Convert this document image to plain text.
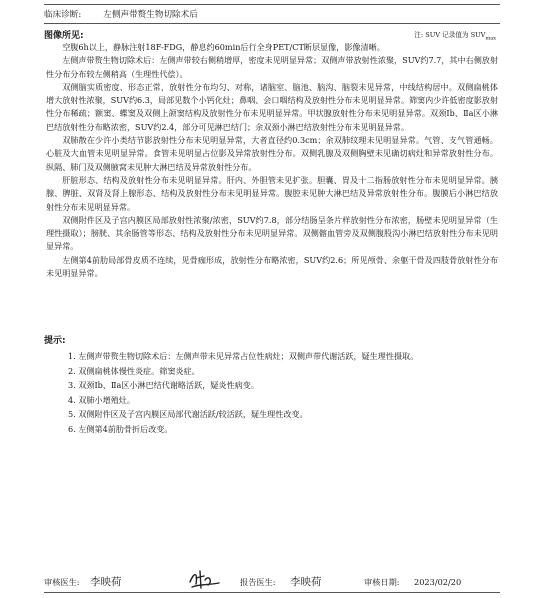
临床诊断:	左侧声带赘生物切除术后
图像所见:	注: SUV 记录值为 $SUV_{max}$

空腹6h以上，静脉注射18F-FDG，静息约60min后行全身PET/CT断层显像，影像清晰。

左侧声带赘生物切除术后：左侧声带较右侧稍增厚，密度未见明显异常；双侧声带放射性浓聚，SUV约7.7，其中右侧放射性分布分布较左侧稍高（生理性代偿）。

双侧脑实质密度、形态正常，放射性分布均匀、对称，诸脑室、脑池、脑沟、脑裂未见异常，中线结构居中。双侧扁桃体增大放射性浓聚，SUV约6.3，局部见数个小钙化灶；鼻咽、会口咽结构及放射性分布未见明显异常。筛窦内少许低密度影放射性分布稀疏；额窦、蝶窦及双侧上颌窦结构及放射性分布未见明显异常。甲状腺放射性分布未见明显异常。双颈Ⅰb、Ⅱa区小淋巴结放射性分布略浓密，SUV约2.4，部分可见淋巴结门；余双颈小淋巴结放射性分布未见明显异常。

双肺散在少许小类结节影放射性分布未见明显异常，大者直径约0.3cm；余双肺纹理未见明显异常。气管、支气管通畅。心脏及大血管未见明显异常。食管未见明显占位影及异常放射性分布。双侧乳腺及双侧胸壁未见确切病灶和异常放射性分布。纵隔、肺门及双侧腋窝未见肿大淋巴结及异常放射性分布。

肝脏形态、结构及放射性分布未见明显异常。肝内、外胆管未见扩张。胆囊、胃及十二指肠放射性分布未见明显异常。胰腺、脾脏、双肾及肾上腺形态、结构及放射性分布未见明显异常。腹腔未见肿大淋巴结及异常放射性分布。腹膜后小淋巴结放射性分布未见明显异常。

双侧附件区及子宫内膜区局部放射性浓聚/浓密，SUV约7.8，部分结肠呈条片样放射性分布浓密，肠壁未见明显异常（生理性摄取）；膀胱、其余肠管等形态、结构及放射性分布未见明显异常。双侧髂血管旁及双侧腹股沟小淋巴结放射性分布未见明显异常。

左侧第4前肋局部骨皮质不连续，见骨痂形成，放射性分布略浓密，SUV约2.6；所见颅骨、余躯干骨及四肢骨放射性分布未见明显异常。

提示:
1. 左侧声带赘生物切除术后：左侧声带未见异常占位性病灶；双侧声带代谢活跃，疑生理性摄取。
2. 双侧扁桃体慢性炎症。筛窦炎症。
3. 双颈Ⅰb、Ⅱa区小淋巴结代谢略活跃，疑炎性病变。
4. 双肺小增殖灶。
5. 双侧附件区及子宫内膜区局部代谢活跃/较活跃，疑生理性改变。
6. 左侧第4前肋骨折后改变。
审核医生: 李映荷	报告医生: 李映荷	审核日期: 2023/02/20
